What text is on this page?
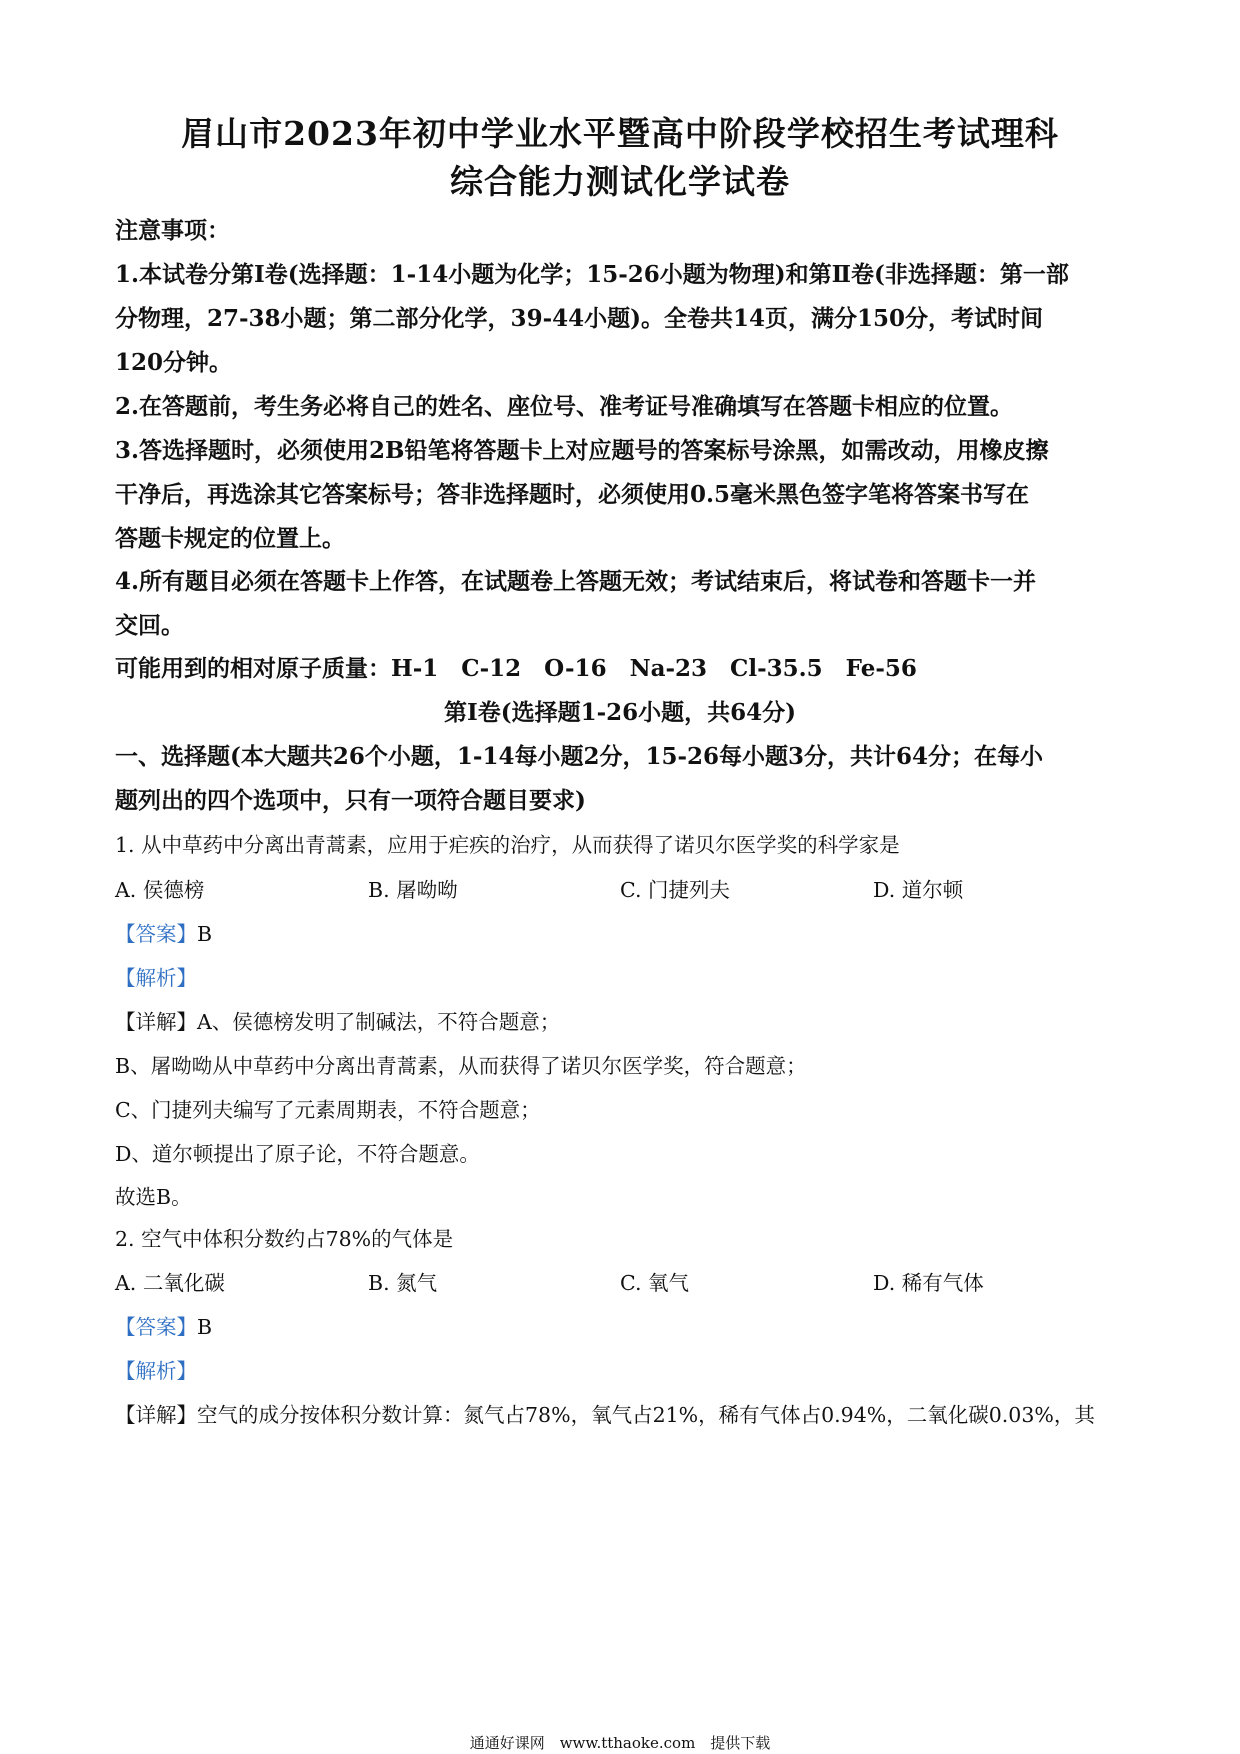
眉山市2023年初中学业水平暨高中阶段学校招生考试理科
综合能力测试化学试卷
注意事项：
1.本试卷分第Ⅰ卷(选择题：1-14小题为化学；15-26小题为物理)和第Ⅱ卷(非选择题：第一部
分物理，27-38小题；第二部分化学，39-44小题)。全卷共14页，满分150分，考试时间
120分钟。
2.在答题前，考生务必将自己的姓名、座位号、准考证号准确填写在答题卡相应的位置。
3.答选择题时，必须使用2B铅笔将答题卡上对应题号的答案标号涂黑，如需改动，用橡皮擦
干净后，再选涂其它答案标号；答非选择题时，必须使用0.5毫米黑色签字笔将答案书写在
答题卡规定的位置上。
4.所有题目必须在答题卡上作答，在试题卷上答题无效；考试结束后，将试卷和答题卡一并
交回。
可能用到的相对原子质量：H-1　C-12　O-16　Na-23　Cl-35.5　Fe-56
第Ⅰ卷(选择题1-26小题，共64分)
一、选择题(本大题共26个小题，1-14每小题2分，15-26每小题3分，共计64分；在每小
题列出的四个选项中，只有一项符合题目要求)
1. 从中草药中分离出青蒿素，应用于疟疾的治疗，从而获得了诺贝尔医学奖的科学家是
A. 侯德榜	B. 屠呦呦	C. 门捷列夫	D. 道尔顿
【答案】B
【解析】
【详解】A、侯德榜发明了制碱法，不符合题意；
B、屠呦呦从中草药中分离出青蒿素，从而获得了诺贝尔医学奖，符合题意；
C、门捷列夫编写了元素周期表，不符合题意；
D、道尔顿提出了原子论，不符合题意。
故选B。
2. 空气中体积分数约占78%的气体是
A. 二氧化碳	B. 氮气	C. 氧气	D. 稀有气体
【答案】B
【解析】
【详解】空气的成分按体积分数计算：氮气占78%，氧气占21%，稀有气体占0.94%，二氧化碳0.03%，其
通通好课网　www.tthaoke.com　提供下载
